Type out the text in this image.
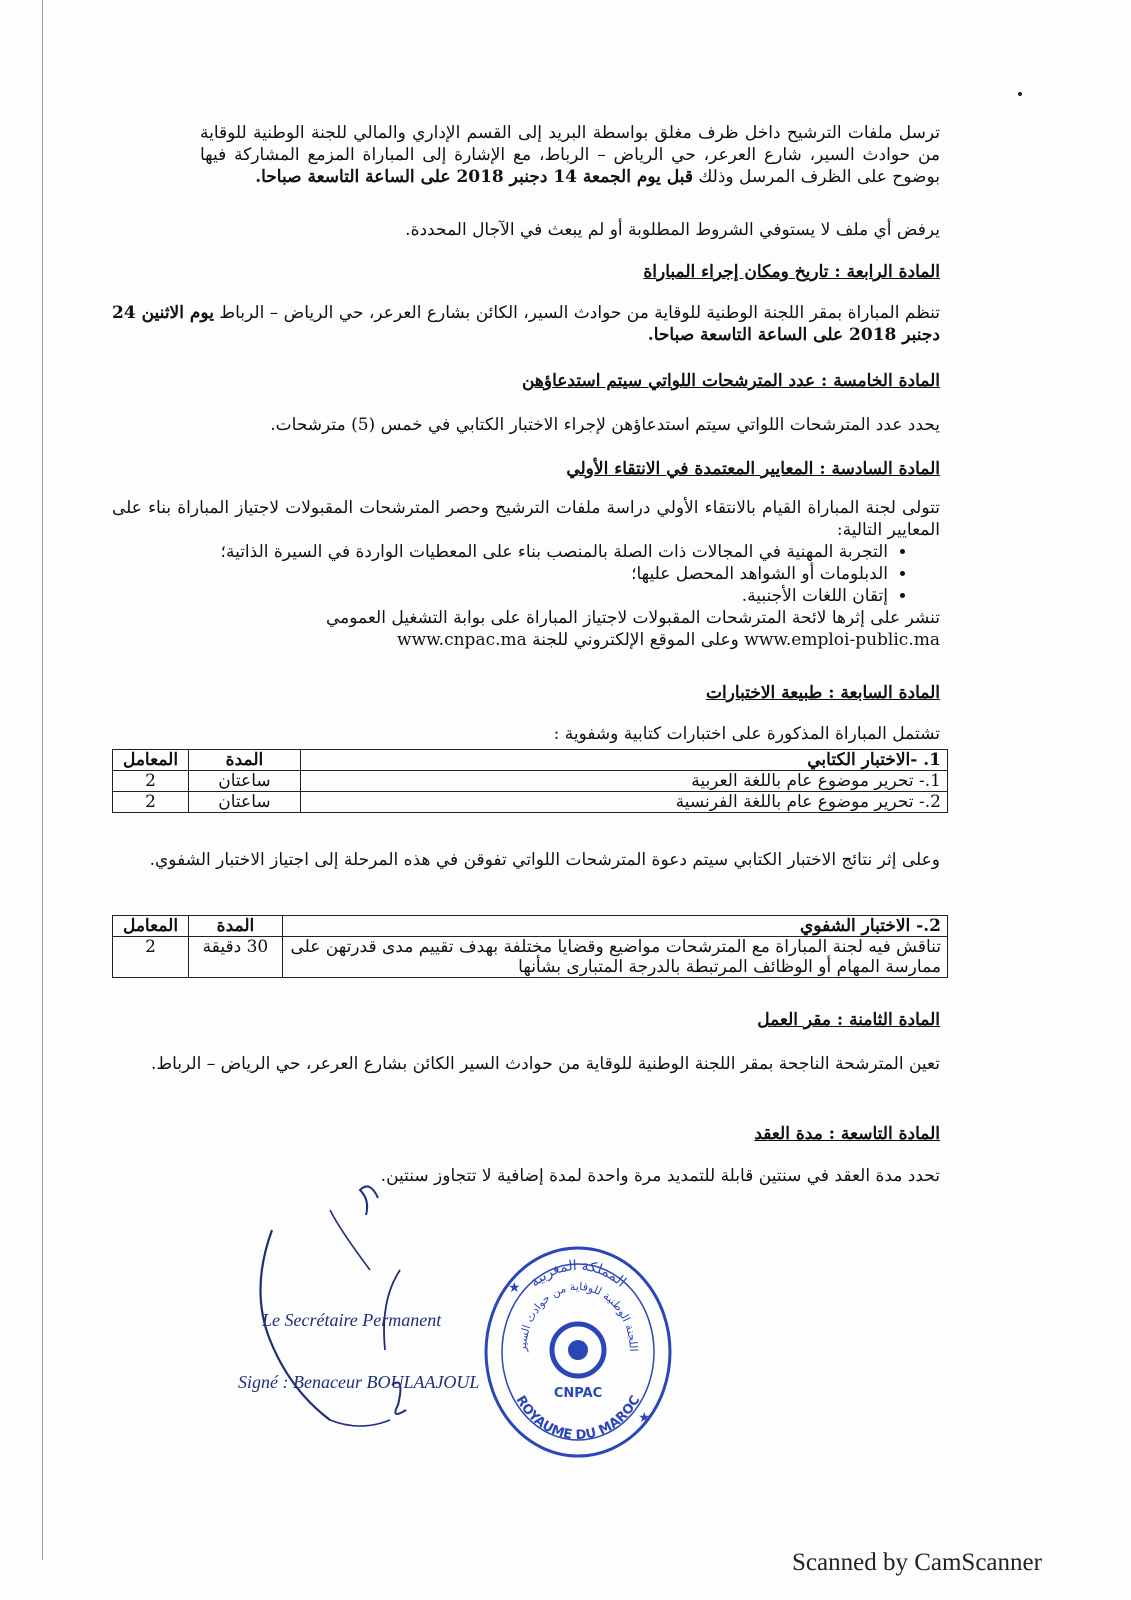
ترسل ملفات الترشيح داخل ظرف مغلق بواسطة البريد إلى القسم الإداري والمالي للجنة الوطنية للوقاية من حوادث السير، شارع العرعر، حي الرياض – الرباط، مع الإشارة إلى المباراة المزمع المشاركة فيها بوضوح على الظرف المرسل وذلك قبل يوم الجمعة 14 دجنبر 2018 على الساعة التاسعة صباحا.
يرفض أي ملف لا يستوفي الشروط المطلوبة أو لم يبعث في الآجال المحددة.
المادة الرابعة : تاريخ ومكان إجراء المباراة
تنظم المباراة بمقر اللجنة الوطنية للوقاية من حوادث السير، الكائن بشارع العرعر، حي الرياض – الرباط يوم الاثنين 24 دجنبر 2018 على الساعة التاسعة صباحا.
المادة الخامسة : عدد المترشحات اللواتي سيتم استدعاؤهن
يحدد عدد المترشحات اللواتي سيتم استدعاؤهن لإجراء الاختبار الكتابي في خمس (5) مترشحات.
المادة السادسة : المعايير المعتمدة في الانتقاء الأولي
تتولى لجنة المباراة القيام بالانتقاء الأولي دراسة ملفات الترشيح وحصر المترشحات المقبولات لاجتياز المباراة بناء على المعايير التالية:
• التجربة المهنية في المجالات ذات الصلة بالمنصب بناء على المعطيات الواردة في السيرة الذاتية؛
• الدبلومات أو الشواهد المحصل عليها؛
• إتقان اللغات الأجنبية.
تنشر على إثرها لائحة المترشحات المقبولات لاجتياز المباراة على بوابة التشغيل العمومي
www.emploi-public.ma وعلى الموقع الإلكتروني للجنة www.cnpac.ma
المادة السابعة : طبيعة الاختبارات
تشتمل المباراة المذكورة على اختبارات كتابية وشفوية :
1. -الاختبار الكتابي	المدة	المعامل
1.- تحرير موضوع عام باللغة العربية	ساعتان	2
2.- تحرير موضوع عام باللغة الفرنسية	ساعتان	2
وعلى إثر نتائج الاختبار الكتابي سيتم دعوة المترشحات اللواتي تفوقن في هذه المرحلة إلى اجتياز الاختبار الشفوي.
2.- الاختبار الشفوي	المدة	المعامل
تناقش فيه لجنة المباراة مع المترشحات مواضيع وقضايا مختلفة بهدف تقييم مدى قدرتهن على ممارسة المهام أو الوظائف المرتبطة بالدرجة المتبارى بشأنها	30 دقيقة	2
المادة الثامنة : مقر العمل
تعين المترشحة الناجحة بمقر اللجنة الوطنية للوقاية من حوادث السير الكائن بشارع العرعر، حي الرياض – الرباط.
المادة التاسعة : مدة العقد
تحدد مدة العقد في سنتين قابلة للتمديد مرة واحدة لمدة إضافية لا تتجاوز سنتين.
Le Secrétaire Permanent
Signé : Benaceur BOULAAJOUL
المملكة المغربية
اللجنة الوطنية للوقاية من حوادث السير
CNPAC
ROYAUME DU MAROC
★
★
Scanned by CamScanner
